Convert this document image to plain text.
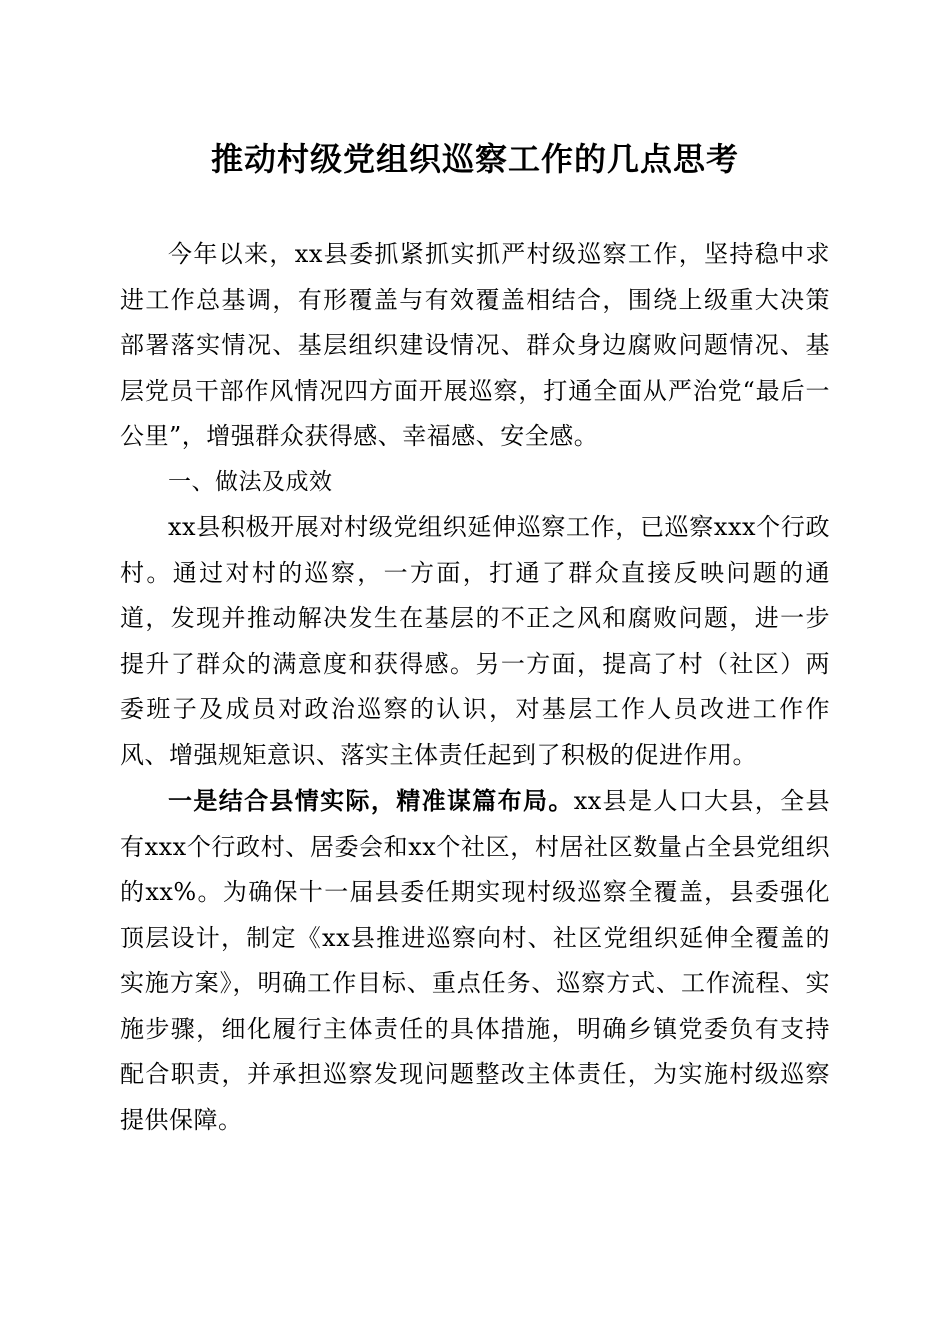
推动村级党组织巡察工作的几点思考

今年以来，xx县委抓紧抓实抓严村级巡察工作，坚持稳中求进工作总基调，有形覆盖与有效覆盖相结合，围绕上级重大决策部署落实情况、基层组织建设情况、群众身边腐败问题情况、基层党员干部作风情况四方面开展巡察，打通全面从严治党“最后一公里”，增强群众获得感、幸福感、安全感。

一、做法及成效

xx县积极开展对村级党组织延伸巡察工作，已巡察xxx个行政村。通过对村的巡察，一方面，打通了群众直接反映问题的通道，发现并推动解决发生在基层的不正之风和腐败问题，进一步提升了群众的满意度和获得感。另一方面，提高了村（社区）两委班子及成员对政治巡察的认识，对基层工作人员改进工作作风、增强规矩意识、落实主体责任起到了积极的促进作用。

一是结合县情实际，精准谋篇布局。xx县是人口大县，全县有xxx个行政村、居委会和xx个社区，村居社区数量占全县党组织的xx%。为确保十一届县委任期实现村级巡察全覆盖，县委强化顶层设计，制定《xx县推进巡察向村、社区党组织延伸全覆盖的实施方案》，明确工作目标、重点任务、巡察方式、工作流程、实施步骤，细化履行主体责任的具体措施，明确乡镇党委负有支持配合职责，并承担巡察发现问题整改主体责任，为实施村级巡察提供保障。
